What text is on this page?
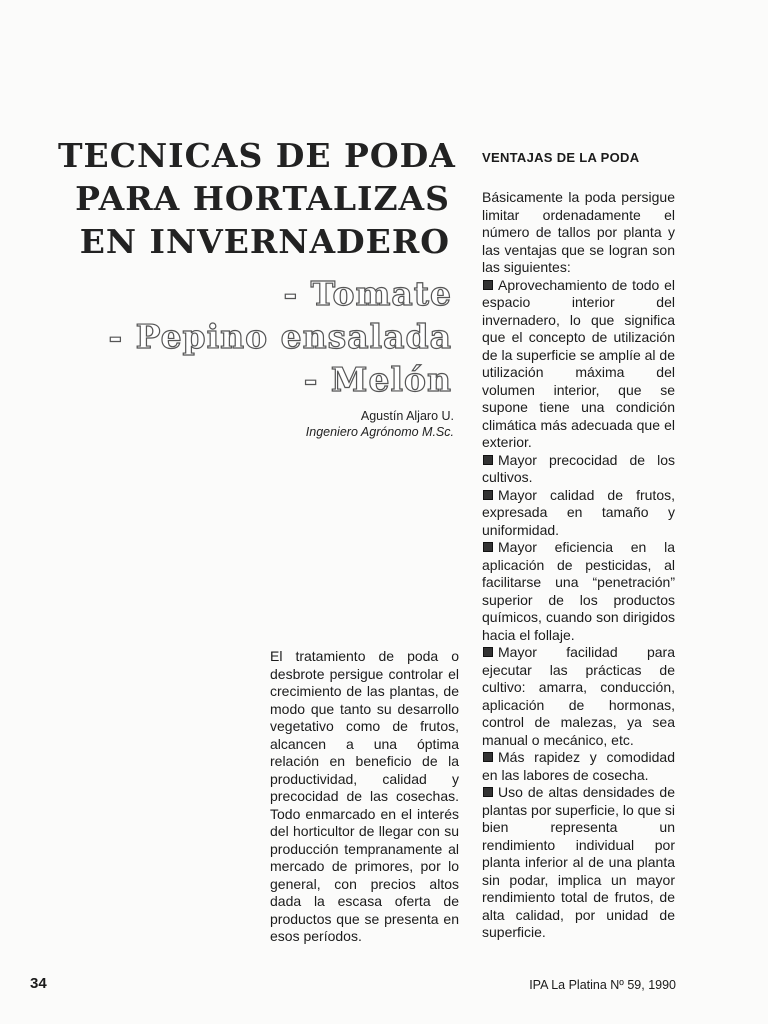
TECNICAS DE PODA
PARA HORTALIZAS
EN INVERNADERO
- Tomate
- Pepino ensalada
- Melón
Agustín Aljaro U.
Ingeniero Agrónomo M.Sc.
El tratamiento de poda o desbrote persigue controlar el crecimiento de las plantas, de modo que tanto su desarrollo vegetativo como de frutos, alcancen a una óptima relación en beneficio de la productividad, calidad y precocidad de las cosechas. Todo enmarcado en el interés del horticultor de llegar con su producción tempranamente al mercado de primores, por lo general, con precios altos dada la escasa oferta de productos que se presenta en esos períodos.
VENTAJAS DE LA PODA

Básicamente la poda persigue limitar ordenadamente el número de tallos por planta y las ventajas que se logran son las siguientes:

Aprovechamiento de todo el espacio interior del invernadero, lo que significa que el concepto de utilización de la superficie se amplíe al de utilización máxima del volumen interior, que se supone tiene una condición climática más adecuada que el exterior.

Mayor precocidad de los cultivos.

Mayor calidad de frutos, expresada en tamaño y uniformidad.

Mayor eficiencia en la aplicación de pesticidas, al facilitarse una “penetración” superior de los productos químicos, cuando son dirigidos hacia el follaje.

Mayor facilidad para ejecutar las prácticas de cultivo: amarra, conducción, aplicación de hormonas, control de malezas, ya sea manual o mecánico, etc.

Más rapidez y comodidad en las labores de cosecha.

Uso de altas densidades de plantas por superficie, lo que si bien representa un rendimiento individual por planta inferior al de una planta sin podar, implica un mayor rendimiento total de frutos, de alta calidad, por unidad de superficie.

34	IPA La Platina Nº 59, 1990
